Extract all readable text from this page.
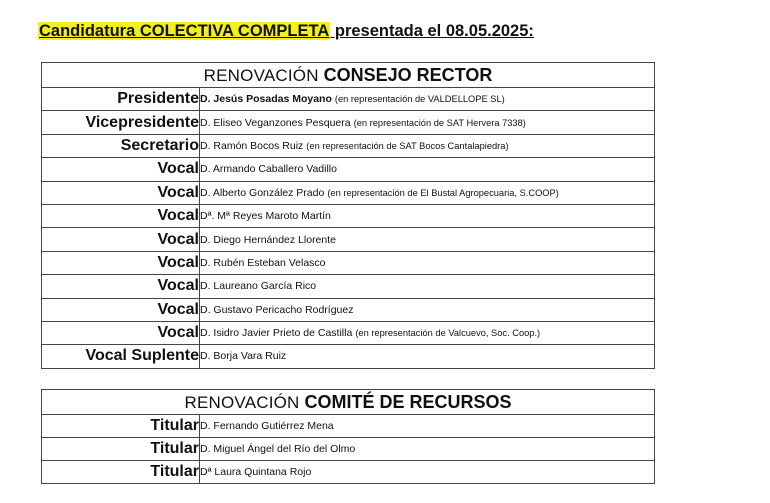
Candidatura COLECTIVA COMPLETA presentada el 08.05.2025:
RENOVACIÓN CONSEJO RECTOR	
Presidente	D. Jesús Posadas Moyano (en representación de VALDELLOPE SL)
Vicepresidente	D. Eliseo Veganzones Pesquera (en representación de SAT Hervera 7338)
Secretario	D. Ramón Bocos Ruiz (en representación de SAT Bocos Cantalapiedra)
Vocal	D. Armando Caballero Vadillo
Vocal	D. Alberto González Prado (en representación de El Bustal Agropecuaria, S.COOP)
Vocal	Dª. Mª Reyes Maroto Martín
Vocal	D. Diego Hernández Llorente
Vocal	D. Rubén Esteban Velasco
Vocal	D. Laureano García Rico
Vocal	D. Gustavo Pericacho Rodríguez
Vocal	D. Isidro Javier Prieto de Castilla (en representación de Valcuevo, Soc. Coop.)
Vocal Suplente	D. Borja Vara Ruiz
RENOVACIÓN COMITÉ DE RECURSOS	
Titular	D. Fernando Gutiérrez Mena
Titular	D. Miguel Ángel del Río del Olmo
Titular	Dª Laura Quintana Rojo
